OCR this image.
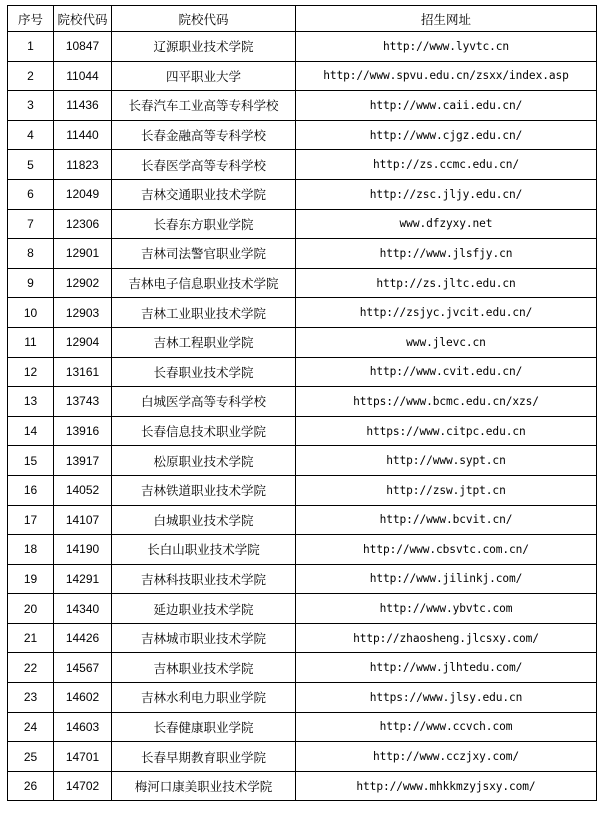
序号	院校代码	院校代码	招生网址
1	10847	辽源职业技术学院	http://www.lyvtc.cn
2	11044	四平职业大学	http://www.spvu.edu.cn/zsxx/index.asp
3	11436	长春汽车工业高等专科学校	http://www.caii.edu.cn/
4	11440	长春金融高等专科学校	http://www.cjgz.edu.cn/
5	11823	长春医学高等专科学校	http://zs.ccmc.edu.cn/
6	12049	吉林交通职业技术学院	http://zsc.jljy.edu.cn/
7	12306	长春东方职业学院	www.dfzyxy.net
8	12901	吉林司法警官职业学院	http://www.jlsfjy.cn
9	12902	吉林电子信息职业技术学院	http://zs.jltc.edu.cn
10	12903	吉林工业职业技术学院	http://zsjyc.jvcit.edu.cn/
11	12904	吉林工程职业学院	www.jlevc.cn
12	13161	长春职业技术学院	http://www.cvit.edu.cn/
13	13743	白城医学高等专科学校	https://www.bcmc.edu.cn/xzs/
14	13916	长春信息技术职业学院	https://www.citpc.edu.cn
15	13917	松原职业技术学院	http://www.sypt.cn
16	14052	吉林铁道职业技术学院	http://zsw.jtpt.cn
17	14107	白城职业技术学院	http://www.bcvit.cn/
18	14190	长白山职业技术学院	http://www.cbsvtc.com.cn/
19	14291	吉林科技职业技术学院	http://www.jilinkj.com/
20	14340	延边职业技术学院	http://www.ybvtc.com
21	14426	吉林城市职业技术学院	http://zhaosheng.jlcsxy.com/
22	14567	吉林职业技术学院	http://www.jlhtedu.com/
23	14602	吉林水利电力职业学院	https://www.jlsy.edu.cn
24	14603	长春健康职业学院	http://www.ccvch.com
25	14701	长春早期教育职业学院	http://www.cczjxy.com/
26	14702	梅河口康美职业技术学院	http://www.mhkkmzyjsxy.com/
